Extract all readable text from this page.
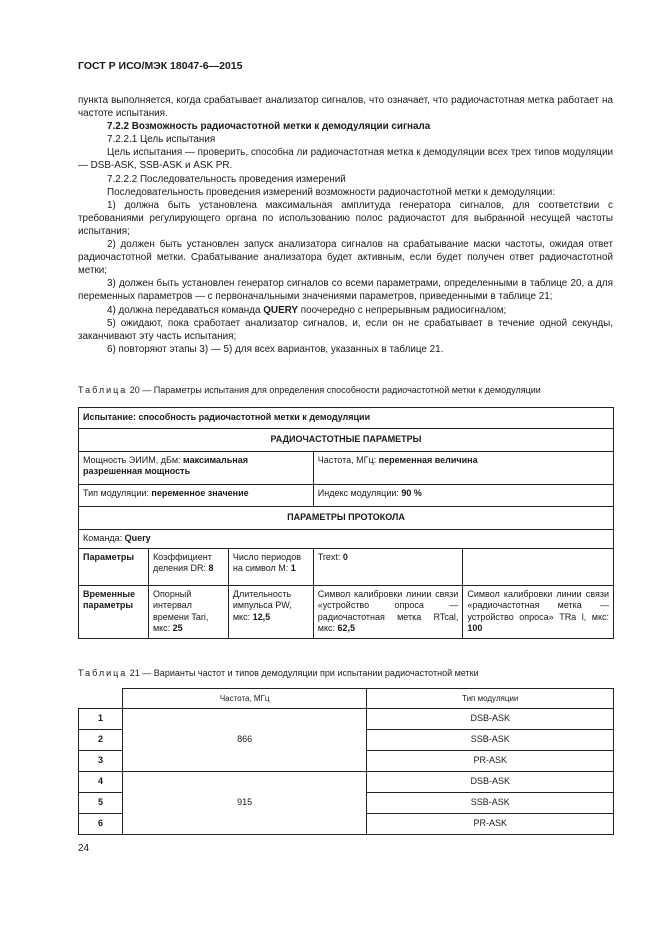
ГОСТ Р ИСО/МЭК 18047-6—2015

пункта выполняется, когда срабатывает анализатор сигналов, что означает, что радиочастотная метка работает на частоте испытания.

7.2.2 Возможность радиочастотной метки к демодуляции сигнала

7.2.2.1 Цель испытания

Цель испытания — проверить, способна ли радиочастотная метка к демодуляции всех трех типов модуляции — DSB-ASK, SSB-ASK и ASK PR.

7.2.2.2 Последовательность проведения измерений

Последовательность проведения измерений возможности радиочастотной метки к демодуляции:

1) должна быть установлена максимальная амплитуда генератора сигналов, для соответствии с требованиями регулирующего органа по использованию полос радиочастот для выбранной несущей частоты испытания;

2) должен быть установлен запуск анализатора сигналов на срабатывание маски частоты, ожидая ответ радиочастотной метки. Срабатывание анализатора будет активным, если будет получен ответ радиочастотной метки;

3) должен быть установлен генератор сигналов со всеми параметрами, определенными в таблице 20, а для переменных параметров — с первоначальными значениями параметров, приведенными в таблице 21;

4) должна передаваться команда QUERY поочередно с непрерывным радиосигналом;

5) ожидают, пока сработает анализатор сигналов, и, если он не срабатывает в течение одной секунды, заканчивают эту часть испытания;

6) повторяют этапы 3) — 5) для всех вариантов, указанных в таблице 21.

Таблица 20 — Параметры испытания для определения способности радиочастотной метки к демодуляции
Испытание: способность радиочастотной метки к демодуляции				
РАДИОЧАСТОТНЫЕ ПАРАМЕТРЫ				
Мощность ЭИИМ, дБм: максимальная разрешенная мощность			Частота, МГц: переменная величина	
Тип модуляции: переменное значение			Индекс модуляции: 90 %	
ПАРАМЕТРЫ ПРОТОКОЛА				
Команда: Query				
Параметры	Коэффициент деления DR: 8	Число периодов на символ M: 1	Trext: 0	
Временные параметры	Опорный интервал времени Tari, мкс: 25	Длительность импульса PW, мкс: 12,5	Символ калибровки линии связи «устройство опроса — радиочастотная метка RTcal, мкс: 62,5	Символ калибровки линии связи «радиочастотная метка — устройство опроса» TRa l, мкс: 100
Таблица 21 — Варианты частот и типов демодуляции при испытании радиочастотной метки
	Частота, МГц	Тип модуляции
1	866	DSB-ASK
2		SSB-ASK
3		PR-ASK
4	915	DSB-ASK
5		SSB-ASK
6		PR-ASK
24
